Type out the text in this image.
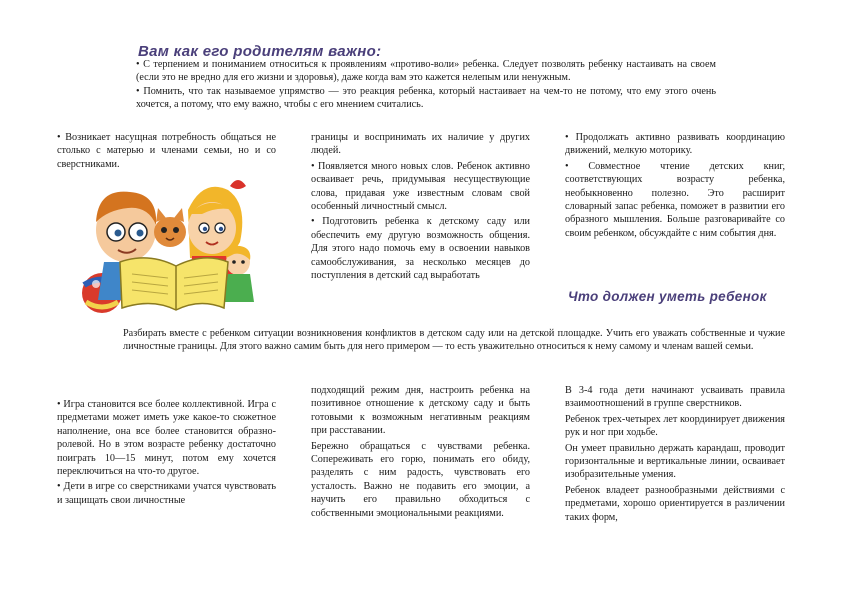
Вам как его родителям важно:
• С терпением и пониманием относиться к проявлениям «противо-воли» ребенка. Следует позволять ребенку настаивать на своем (если это не вредно для его жизни и здоровья), даже когда вам это кажется нелепым или ненужным.
• Помнить, что так называемое упрямство — это реакция ребенка, который настаивает на чем-то не потому, что ему этого очень хочется, а потому, что ему важно, чтобы с его мнением считались.
• Возникает насущная потребность общаться не столько с матерью и членами семьи, но и со сверстниками.

границы и воспринимать их наличие у других людей.

• Появляется много новых слов. Ребенок активно осваивает речь, придумывая несуществующие слова, придавая уже известным словам свой особенный личностный смысл.

• Подготовить ребенка к детскому саду или обеспечить ему другую возможность общения. Для этого надо помочь ему в освоении навыков самообслуживания, за несколько месяцев до поступления в детский сад выработать

• Продолжать активно развивать координацию движений, мелкую моторику.

• Совместное чтение детских книг, соответствующих возрасту ребенка, необыкновенно полезно. Это расширит словарный запас ребенка, поможет в развитии его образного мышления. Больше разговаривайте со своим ребенком, обсуждайте с ним события дня.

Что должен уметь ребенок
Разбирать вместе с ребенком ситуации возникновения конфликтов в детском саду или на детской площадке. Учить его уважать собственные и чужие личностные границы. Для этого важно самим быть для него примером — то есть уважительно относиться к нему самому и членам вашей семьи.

• Игра становится все более коллективной. Игра с предметами может иметь уже какое-то сюжетное наполнение, она все более становится образно-ролевой. Но в этом возрасте ребенку достаточно поиграть 10—15 минут, потом ему хочется переключиться на что-то другое.

• Дети в игре со сверстниками учатся чувствовать и защищать свои личностные

подходящий режим дня, настроить ребенка на позитивное отношение к детскому саду и быть готовыми к возможным негативным реакциям при расставании.

Бережно обращаться с чувствами ребенка. Сопереживать его горю, понимать его обиду, разделять с ним радость, чувствовать его усталость. Важно не подавить его эмоции, а научить его правильно обходиться с собственными эмоциональными реакциями.

В 3-4 года дети начинают усваивать правила взаимоотношений в группе сверстников.

Ребенок трех-четырех лет координирует движения рук и ног при ходьбе.

Он умеет правильно держать карандаш, проводит горизонтальные и вертикальные линии, осваивает изобразительные умения.

Ребенок владеет разнообразными действиями с предметами, хорошо ориентируется в различении таких форм,
